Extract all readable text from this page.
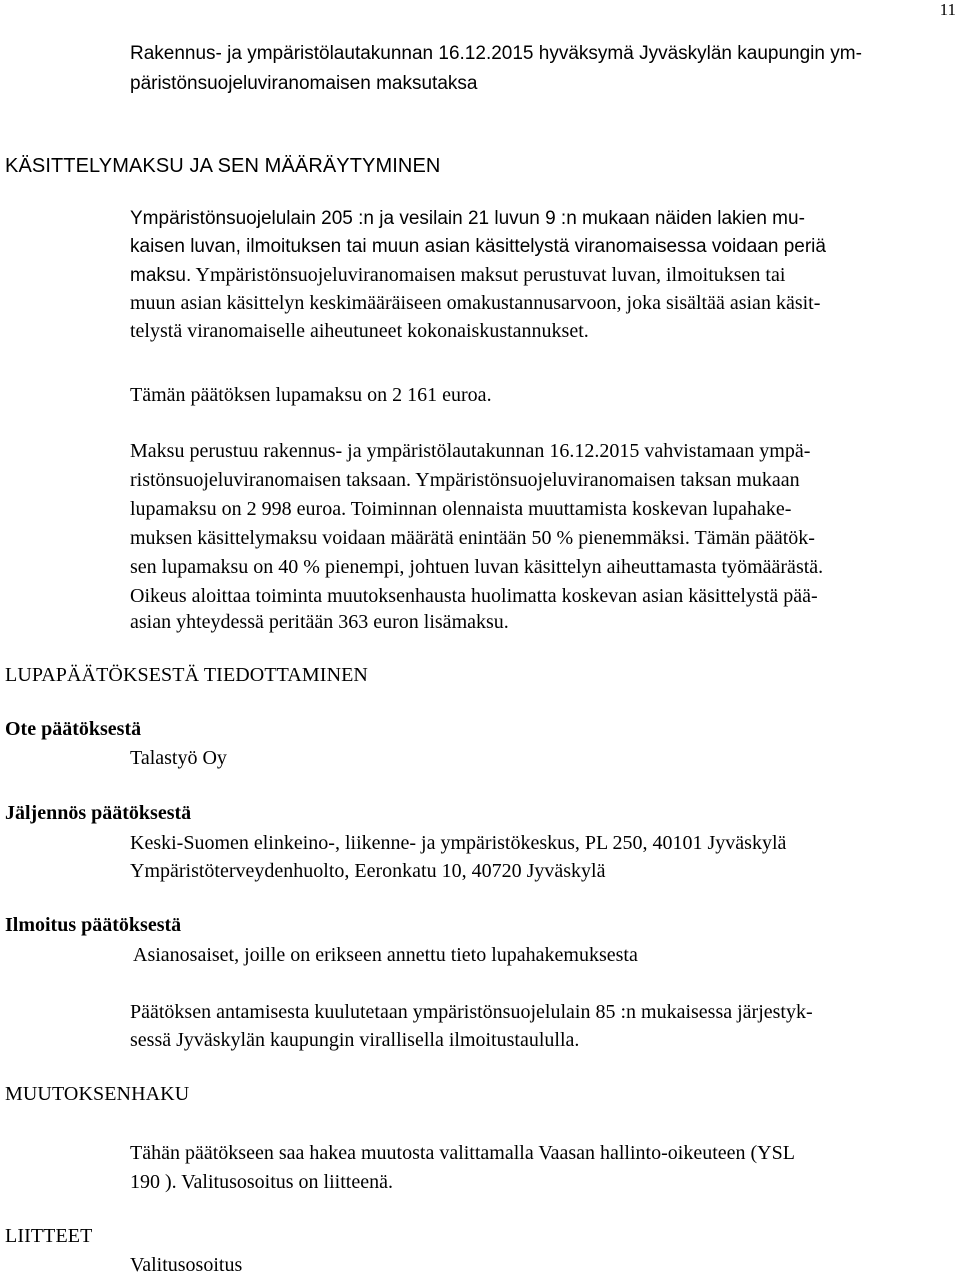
11
Rakennus- ja ympäristölautakunnan 16.12.2015 hyväksymä Jyväskylän kaupungin ym-
päristönsuojeluviranomaisen maksutaksa
KÄSITTELYMAKSU JA SEN MÄÄRÄYTYMINEN
Ympäristönsuojelulain 205 :n ja vesilain 21 luvun 9 :n mukaan näiden lakien mu-
kaisen luvan, ilmoituksen tai muun asian käsittelystä viranomaisessa voidaan periä
maksu. Ympäristönsuojeluviranomaisen maksut perustuvat luvan, ilmoituksen tai
muun asian käsittelyn keskimääräiseen omakustannusarvoon, joka sisältää asian käsit-
telystä viranomaiselle aiheutuneet kokonaiskustannukset.
Tämän päätöksen lupamaksu on 2 161 euroa.
Maksu perustuu rakennus- ja ympäristölautakunnan 16.12.2015 vahvistamaan ympä-
ristönsuojeluviranomaisen taksaan. Ympäristönsuojeluviranomaisen taksan mukaan
lupamaksu on 2 998 euroa. Toiminnan olennaista muuttamista koskevan lupahake-
muksen käsittelymaksu voidaan määrätä enintään 50 % pienemmäksi. Tämän päätök-
sen lupamaksu on 40 % pienempi, johtuen luvan käsittelyn aiheuttamasta työmäärästä.
Oikeus aloittaa toiminta muutoksenhausta huolimatta koskevan asian käsittelystä pää-
asian yhteydessä peritään 363 euron lisämaksu.
LUPAPÄÄTÖKSESTÄ TIEDOTTAMINEN
Ote päätöksestä
Talastyö Oy
Jäljennös päätöksestä
Keski-Suomen elinkeino-, liikenne- ja ympäristökeskus, PL 250, 40101 Jyväskylä
Ympäristöterveydenhuolto, Eeronkatu 10, 40720 Jyväskylä
Ilmoitus päätöksestä
Asianosaiset, joille on erikseen annettu tieto lupahakemuksesta
Päätöksen antamisesta kuulutetaan ympäristönsuojelulain 85 :n mukaisessa järjestyk-
sessä Jyväskylän kaupungin virallisella ilmoitustaululla.
MUUTOKSENHAKU
Tähän päätökseen saa hakea muutosta valittamalla Vaasan hallinto-oikeuteen (YSL
190 ). Valitusosoitus on liitteenä.
LIITTEET
Valitusosoitus
